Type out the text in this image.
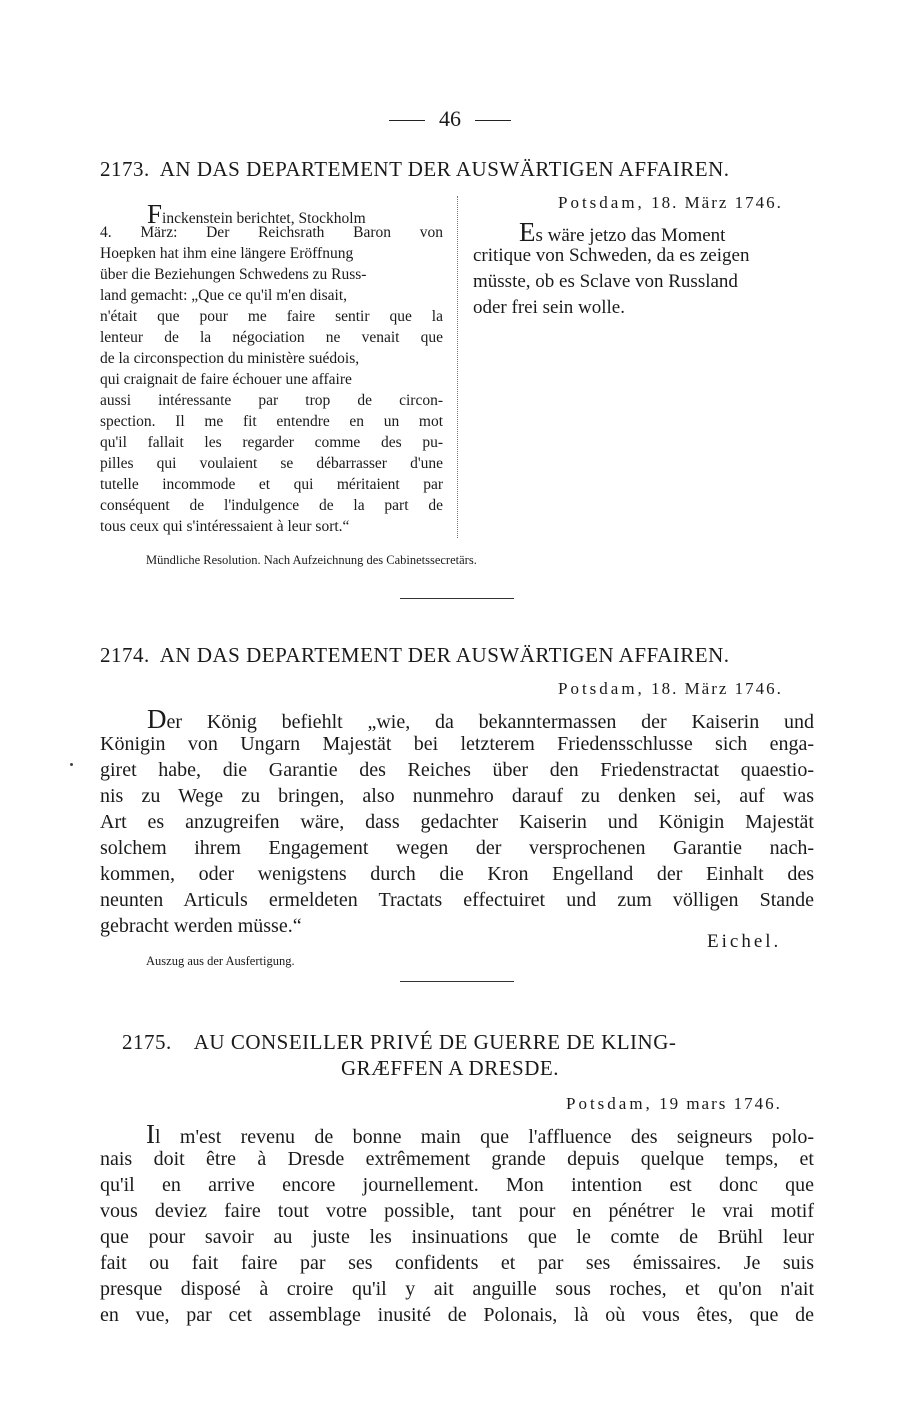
46
2173. AN DAS DEPARTEMENT DER AUSWÄRTIGEN AFFAIREN.
Finckenstein berichtet, Stockholm
4. März: Der Reichsrath Baron von
Hoepken hat ihm eine längere Eröffnung
über die Beziehungen Schwedens zu Russ-
land gemacht: „Que ce qu'il m'en disait,
n'était que pour me faire sentir que la
lenteur de la négociation ne venait que
de la circonspection du ministère suédois,
qui craignait de faire échouer une affaire
aussi intéressante par trop de circon-
spection. Il me fit entendre en un mot
qu'il fallait les regarder comme des pu-
pilles qui voulaient se débarrasser d'une
tutelle incommode et qui méritaient par
conséquent de l'indulgence de la part de
tous ceux qui s'intéressaient à leur sort.“
Potsdam, 18. März 1746.
Es wäre jetzo das Moment
critique von Schweden, da es zeigen
müsste, ob es Sclave von Russland
oder frei sein wolle.
Mündliche Resolution. Nach Aufzeichnung des Cabinetssecretärs.
2174. AN DAS DEPARTEMENT DER AUSWÄRTIGEN AFFAIREN.
Potsdam, 18. März 1746.
Der König befiehlt „wie, da bekanntermassen der Kaiserin und
Königin von Ungarn Majestät bei letzterem Friedensschlusse sich enga-
giret habe, die Garantie des Reiches über den Friedenstractat quaestio-
nis zu Wege zu bringen, also nunmehro darauf zu denken sei, auf was
Art es anzugreifen wäre, dass gedachter Kaiserin und Königin Majestät
solchem ihrem Engagement wegen der versprochenen Garantie nach-
kommen, oder wenigstens durch die Kron Engelland der Einhalt des
neunten Articuls ermeldeten Tractats effectuiret und zum völligen Stande
gebracht werden müsse.“
Eichel.
Auszug aus der Ausfertigung.
2175. AU CONSEILLER PRIVÉ DE GUERRE DE KLING-
GRÆFFEN A DRESDE.
Potsdam, 19 mars 1746.
Il m'est revenu de bonne main que l'affluence des seigneurs polo-
nais doit être à Dresde extrêmement grande depuis quelque temps, et
qu'il en arrive encore journellement. Mon intention est donc que
vous deviez faire tout votre possible, tant pour en pénétrer le vrai motif
que pour savoir au juste les insinuations que le comte de Brühl leur
fait ou fait faire par ses confidents et par ses émissaires. Je suis
presque disposé à croire qu'il y ait anguille sous roches, et qu'on n'ait
en vue, par cet assemblage inusité de Polonais, là où vous êtes, que de
